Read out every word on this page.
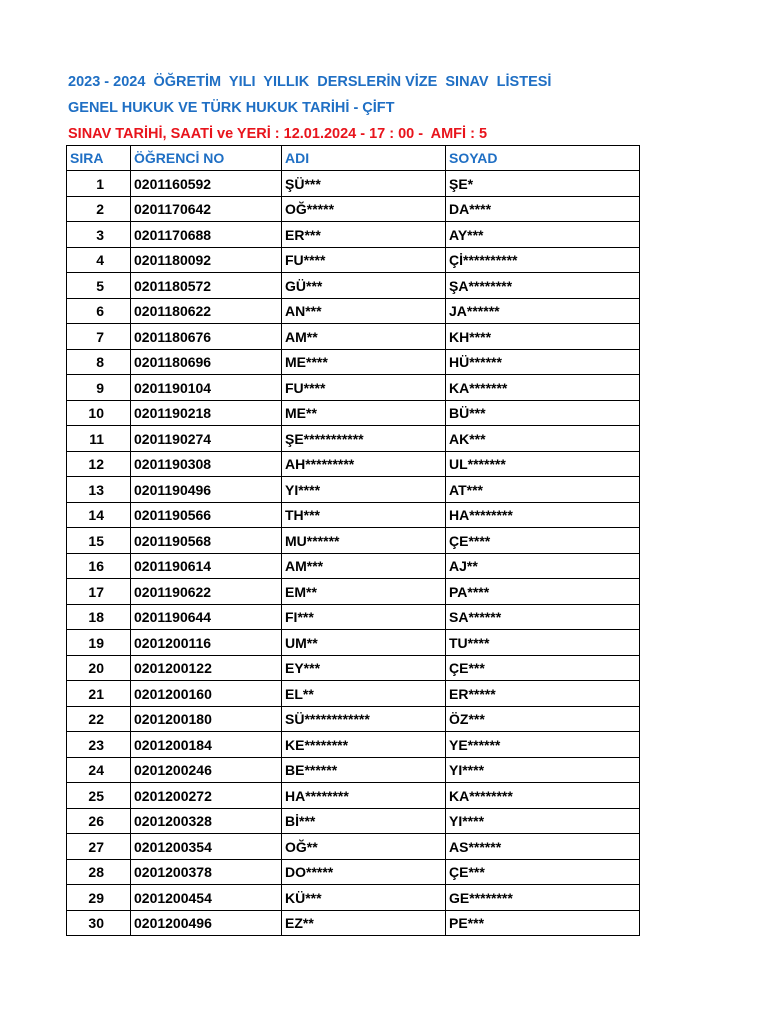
2023 - 2024  ÖĞRETİM  YILI  YILLIK  DERSLERİN VİZE  SINAV  LİSTESİ
GENEL HUKUK VE TÜRK HUKUK TARİHİ - ÇİFT
SINAV TARİHİ, SAATİ ve YERİ : 12.01.2024 - 17 : 00 -  AMFİ : 5
SIRA	ÖĞRENCİ NO	ADI	SOYAD
1	0201160592	ŞÜ***	ŞE*
2	0201170642	OĞ*****	DA****
3	0201170688	ER***	AY***
4	0201180092	FU****	Çİ**********
5	0201180572	GÜ***	ŞA********
6	0201180622	AN***	JA******
7	0201180676	AM**	KH****
8	0201180696	ME****	HÜ******
9	0201190104	FU****	KA*******
10	0201190218	ME**	BÜ***
11	0201190274	ŞE***********	AK***
12	0201190308	AH*********	UL*******
13	0201190496	YI****	AT***
14	0201190566	TH***	HA********
15	0201190568	MU******	ÇE****
16	0201190614	AM***	AJ**
17	0201190622	EM**	PA****
18	0201190644	FI***	SA******
19	0201200116	UM**	TU****
20	0201200122	EY***	ÇE***
21	0201200160	EL**	ER*****
22	0201200180	SÜ************	ÖZ***
23	0201200184	KE********	YE******
24	0201200246	BE******	YI****
25	0201200272	HA********	KA********
26	0201200328	Bİ***	YI****
27	0201200354	OĞ**	AS******
28	0201200378	DO*****	ÇE***
29	0201200454	KÜ***	GE********
30	0201200496	EZ**	PE***
